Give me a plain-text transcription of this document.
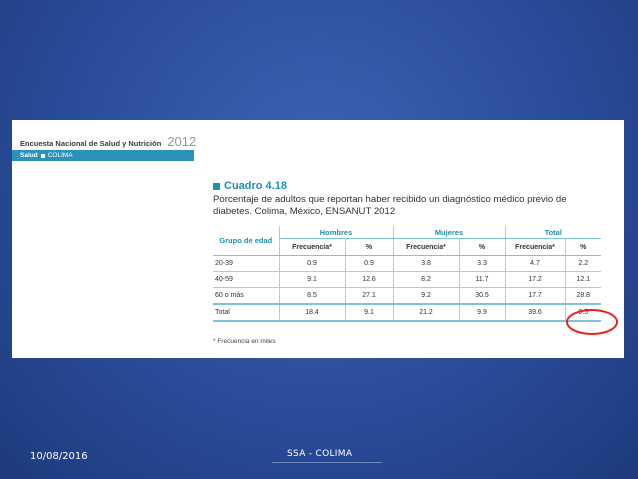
Encuesta Nacional de Salud y Nutrición 2012
Salud COLIMA
Cuadro 4.18
Porcentaje de adultos que reportan haber recibido un diagnóstico médico previo de diabetes. Colima, México, ENSANUT 2012
Grupo de edad	Hombres		Mujeres		Total	
	Frecuencia*	%	Frecuencia*	%	Frecuencia*	%
20-39	0.9	0.9	3.8	3.3	4.7	2.2
40-59	9.1	12.6	8.2	11.7	17.2	12.1
60 o más	8.5	27.1	9.2	30.5	17.7	28.8
Total	18.4	9.1	21.2	9.9	39.6	9.5
* Frecuencia en miles
10/08/2016	SSA - COLIMA
